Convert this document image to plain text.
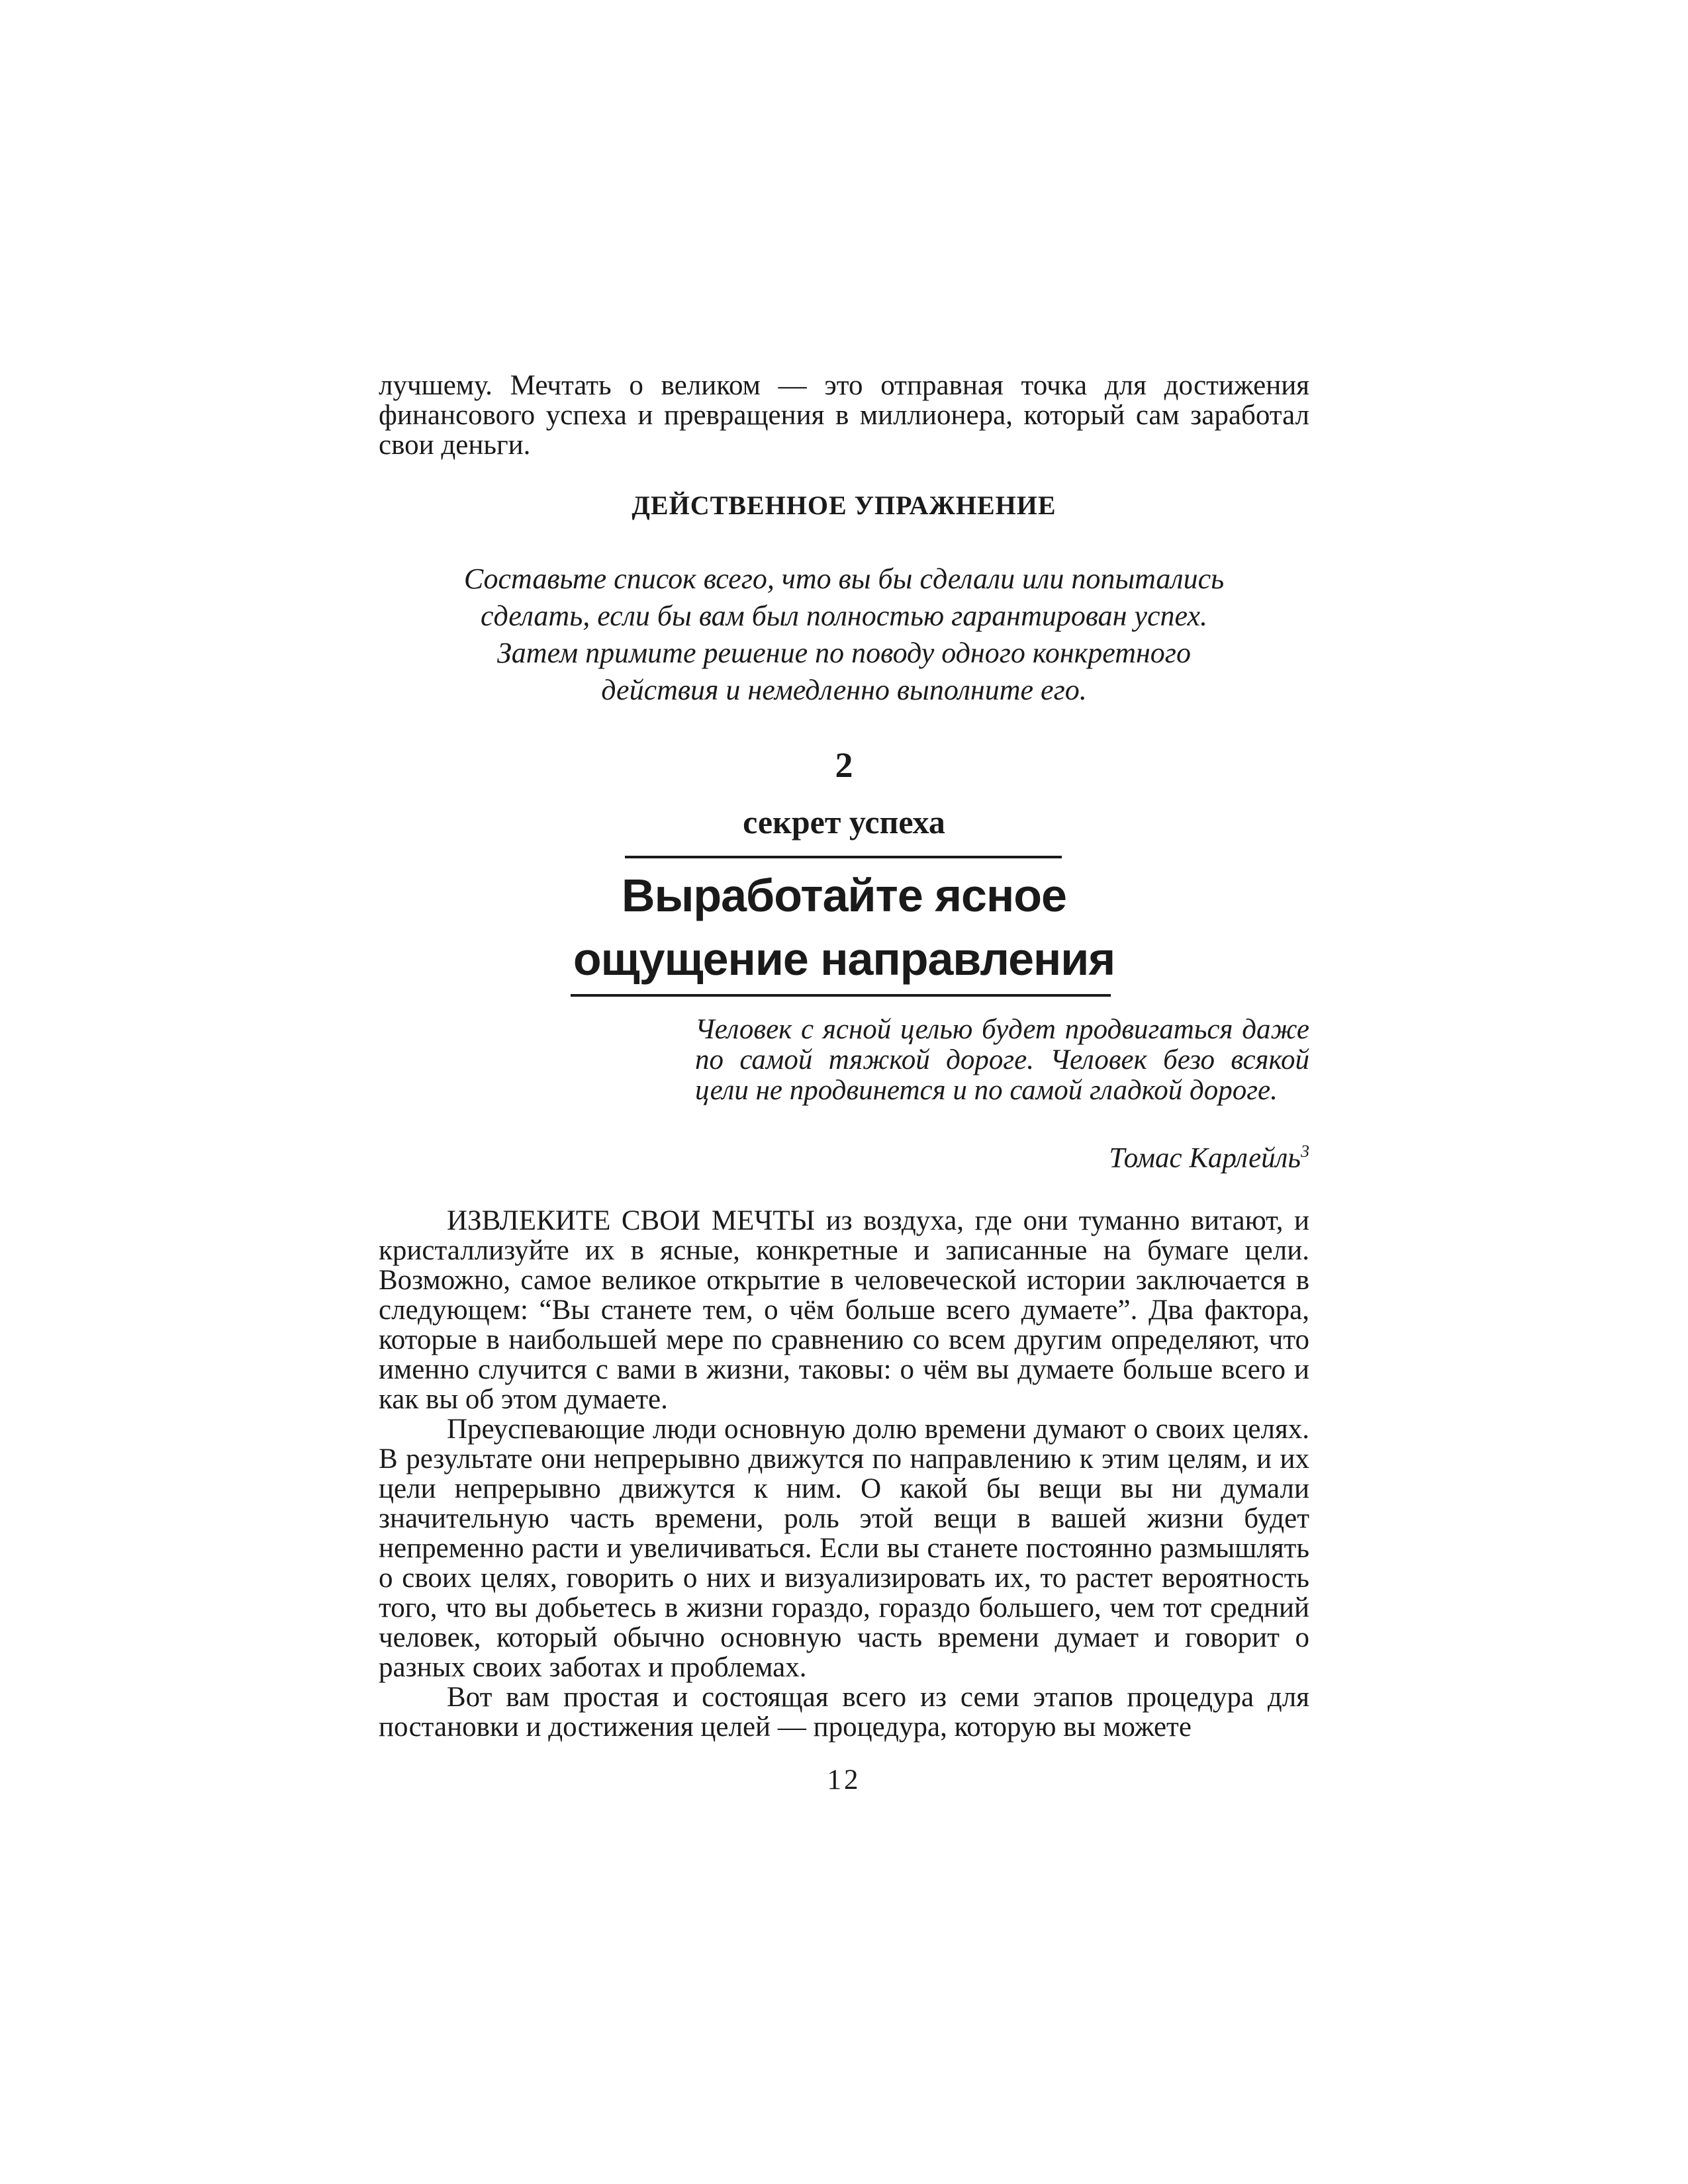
лучшему. Мечтать о великом — это отправная точка для достижения финансового успеха и превращения в миллионера, который сам заработал свои деньги.

ДЕЙСТВЕННОЕ УПРАЖНЕНИЕ

Составьте список всего, что вы бы сделали или попытались
сделать, если бы вам был полностью гарантирован успех.
Затем примите решение по поводу одного конкретного
действия и немедленно выполните его.

2

секрет успеха

Выработайте ясное
ощущение направления

Человек с ясной целью будет продвигаться даже по самой тяжкой дороге. Человек безо всякой цели не продвинется и по самой гладкой дороге.

Томас Карлейль$^3$

ИЗВЛЕКИТЕ СВОИ МЕЧТЫ из воздуха, где они туманно витают, и кристаллизуйте их в ясные, конкретные и записанные на бумаге цели. Возможно, самое великое открытие в человеческой истории заключается в следующем: “Вы станете тем, о чём больше всего думаете”. Два фактора, которые в наибольшей мере по сравнению со всем другим определяют, что именно случится с вами в жизни, таковы: о чём вы думаете больше всего и как вы об этом думаете.

Преуспевающие люди основную долю времени думают о своих целях. В результате они непрерывно движутся по направлению к этим целям, и их цели непрерывно движутся к ним. О какой бы вещи вы ни думали значительную часть времени, роль этой вещи в вашей жизни будет непременно расти и увеличиваться. Если вы станете постоянно размышлять о своих целях, говорить о них и визуализировать их, то растет вероятность того, что вы добьетесь в жизни гораздо, гораздо большего, чем тот средний человек, который обычно основную часть времени думает и говорит о разных своих заботах и проблемах.

Вот вам простая и состоящая всего из семи этапов процедура для постановки и достижения целей — процедура, которую вы можете

12
